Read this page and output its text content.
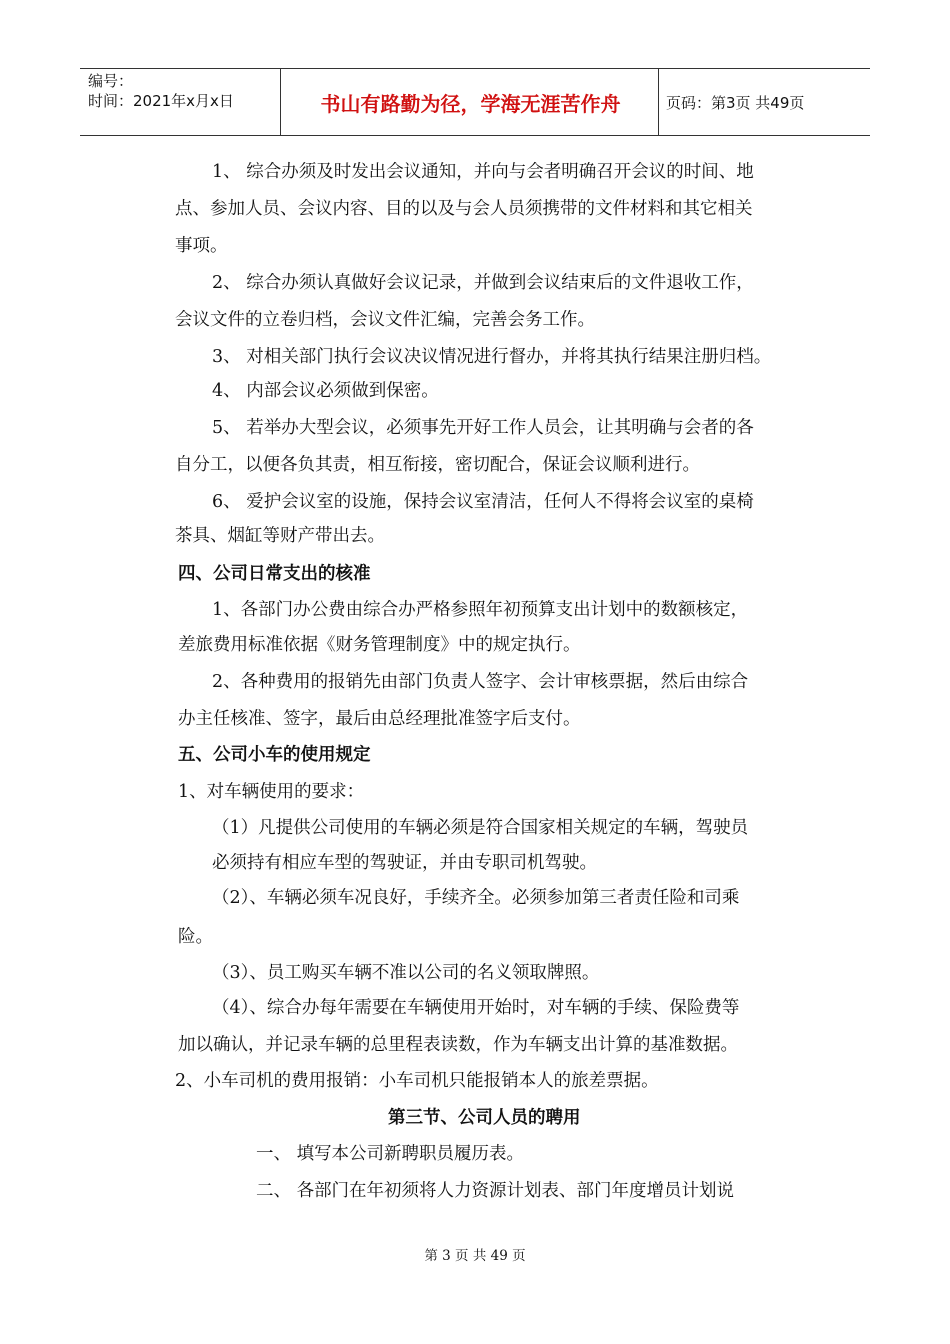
编号：
时间：2021年x月x日	书山有路勤为径，学海无涯苦作舟	页码：第3页 共49页
1、 综合办须及时发出会议通知，并向与会者明确召开会议的时间、地
点、参加人员、会议内容、目的以及与会人员须携带的文件材料和其它相关
事项。
2、 综合办须认真做好会议记录，并做到会议结束后的文件退收工作，
会议文件的立卷归档，会议文件汇编，完善会务工作。
3、 对相关部门执行会议决议情况进行督办，并将其执行结果注册归档。
4、 内部会议必须做到保密。
5、 若举办大型会议，必须事先开好工作人员会，让其明确与会者的各
自分工，以便各负其责，相互衔接，密切配合，保证会议顺利进行。
6、 爱护会议室的设施，保持会议室清洁，任何人不得将会议室的桌椅
茶具、烟缸等财产带出去。
四、公司日常支出的核准
1、各部门办公费由综合办严格参照年初预算支出计划中的数额核定，
差旅费用标准依据《财务管理制度》中的规定执行。
2、各种费用的报销先由部门负责人签字、会计审核票据，然后由综合
办主任核准、签字，最后由总经理批准签字后支付。
五、公司小车的使用规定
1、对车辆使用的要求：
（1）凡提供公司使用的车辆必须是符合国家相关规定的车辆，驾驶员
必须持有相应车型的驾驶证，并由专职司机驾驶。
（2）、车辆必须车况良好，手续齐全。必须参加第三者责任险和司乘
险。
（3）、员工购买车辆不准以公司的名义领取牌照。
（4）、综合办每年需要在车辆使用开始时，对车辆的手续、保险费等
加以确认，并记录车辆的总里程表读数，作为车辆支出计算的基准数据。
2、小车司机的费用报销：小车司机只能报销本人的旅差票据。
第三节、公司人员的聘用
一、 填写本公司新聘职员履历表。
二、 各部门在年初须将人力资源计划表、部门年度增员计划说
第 3 页 共 49 页
